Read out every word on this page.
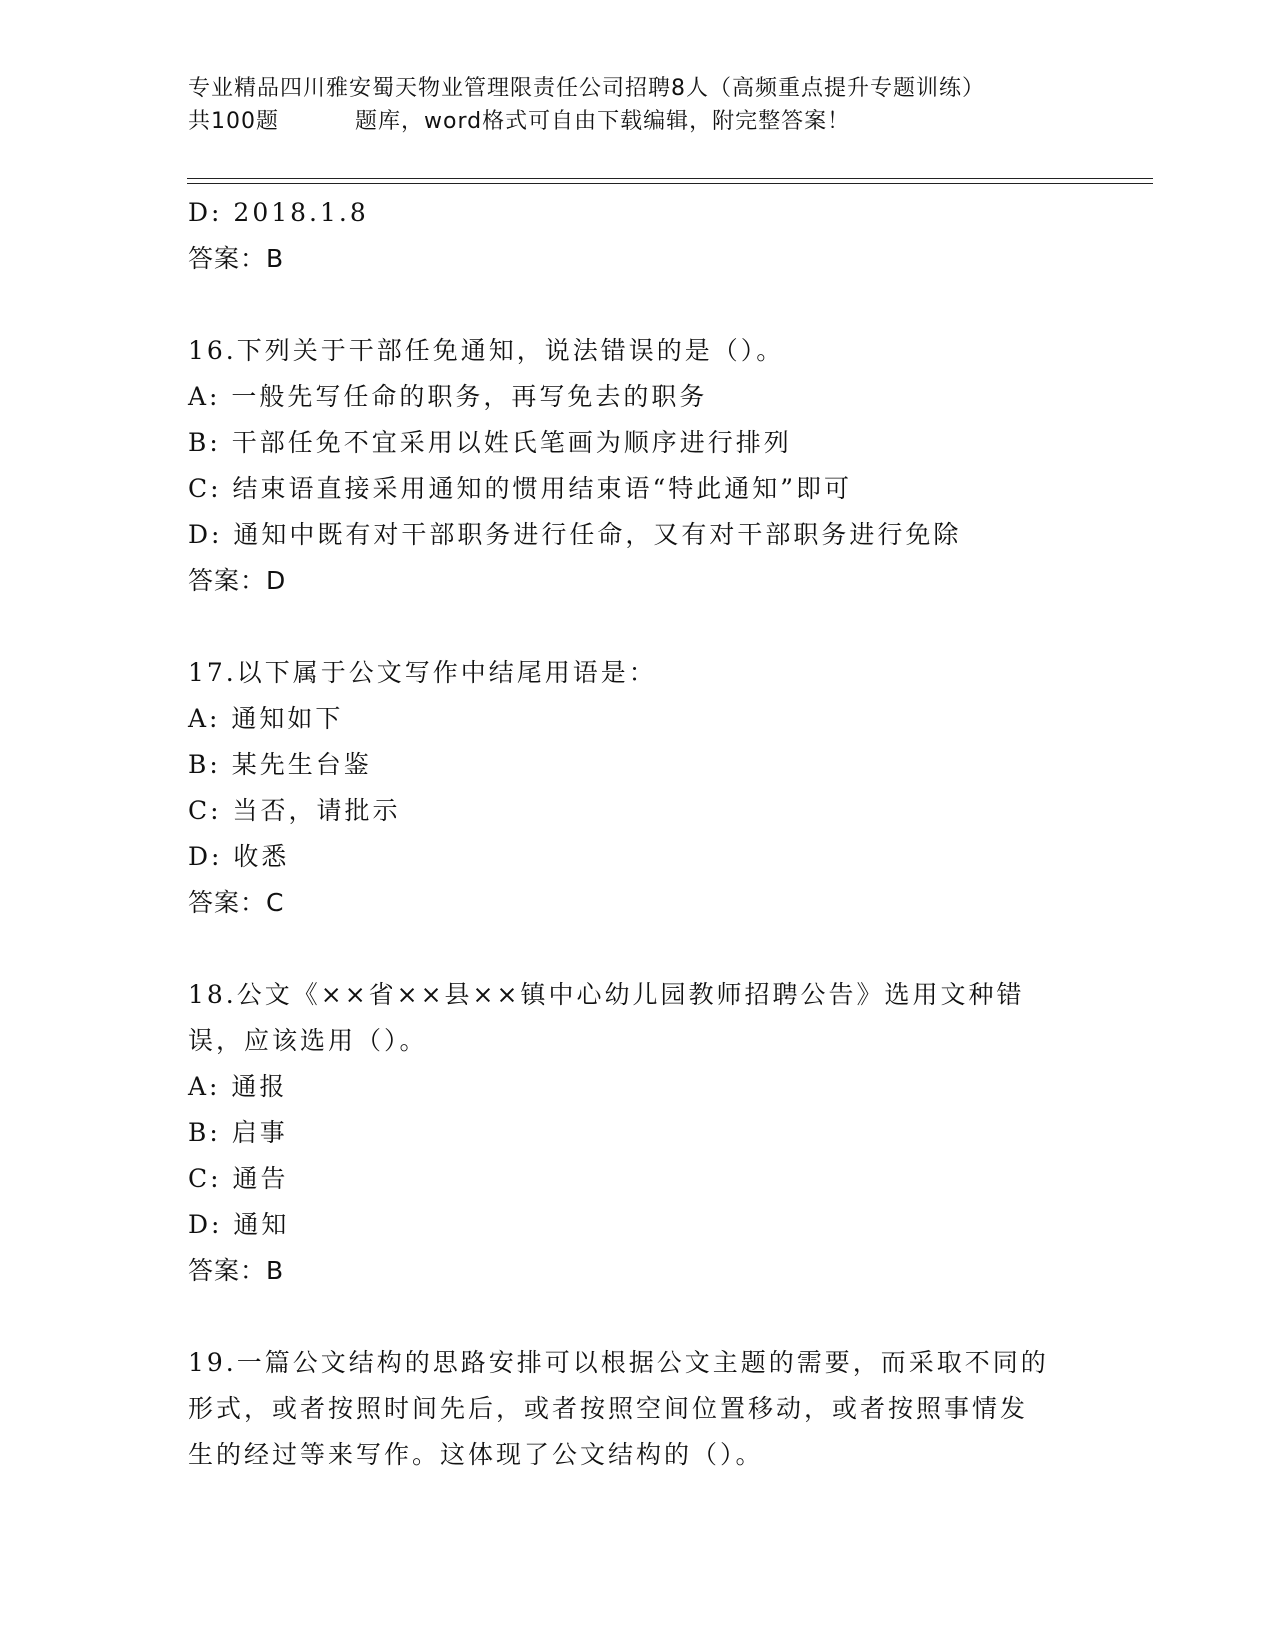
专业精品四川雅安蜀天物业管理限责任公司招聘8人（高频重点提升专题训练）
共100题	题库，word格式可自由下载编辑，附完整答案！
D: 2018.1.8
答案：B
16.下列关于干部任免通知，说法错误的是（）。
A: 一般先写任命的职务，再写免去的职务
B: 干部任免不宜采用以姓氏笔画为顺序进行排列
C: 结束语直接采用通知的惯用结束语“特此通知”即可
D: 通知中既有对干部职务进行任命，又有对干部职务进行免除
答案：D
17.以下属于公文写作中结尾用语是：
A: 通知如下
B: 某先生台鉴
C: 当否，请批示
D: 收悉
答案：C
18.公文《××省××县××镇中心幼儿园教师招聘公告》选用文种错
误，应该选用（）。
A: 通报
B: 启事
C: 通告
D: 通知
答案：B
19.一篇公文结构的思路安排可以根据公文主题的需要，而采取不同的
形式，或者按照时间先后，或者按照空间位置移动，或者按照事情发
生的经过等来写作。这体现了公文结构的（）。
